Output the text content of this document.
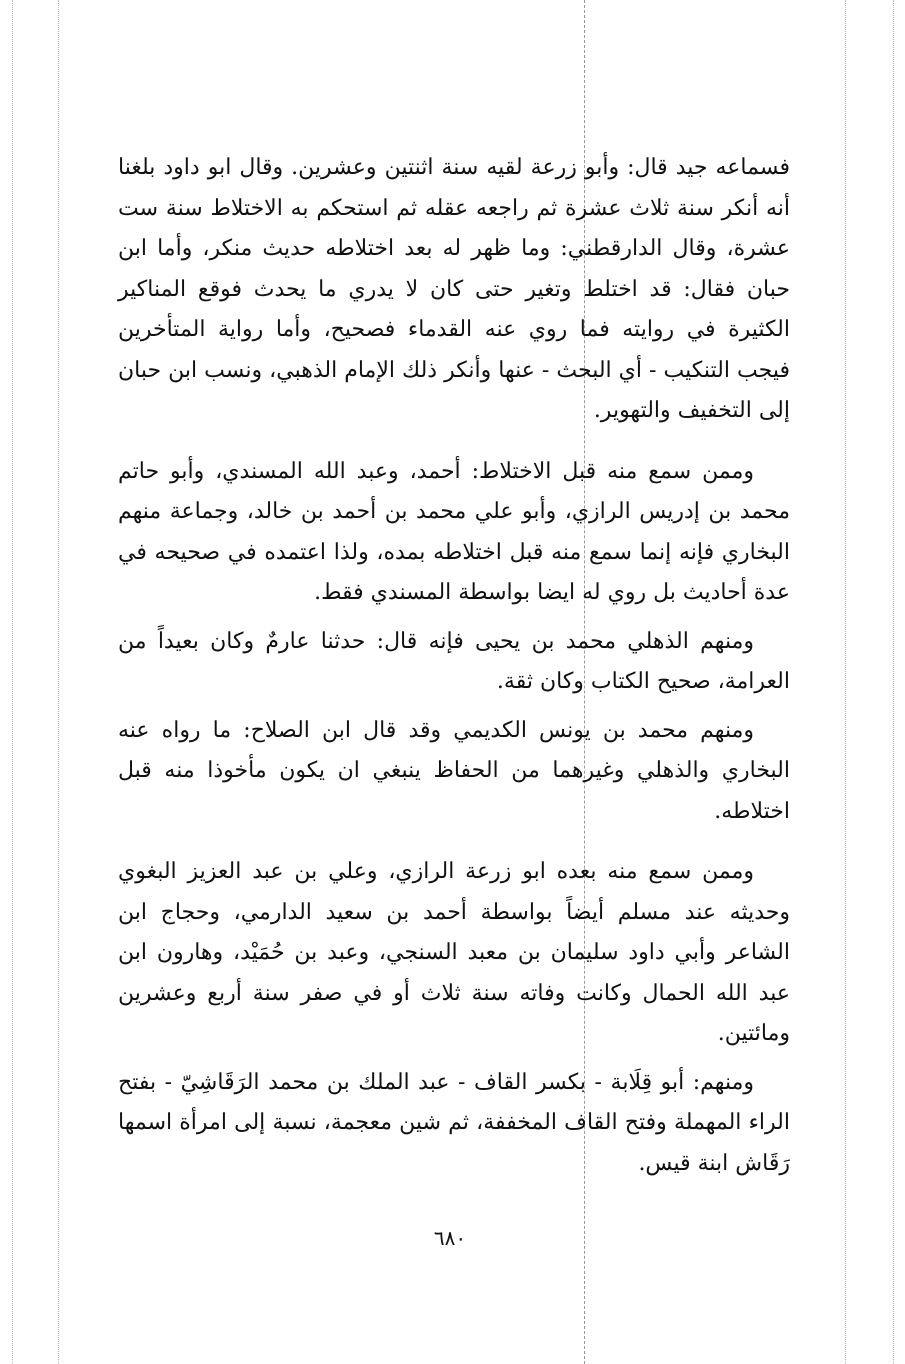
فسماعه جيد قال: وأبو زرعة لقيه سنة اثنتين وعشرين. وقال ابو داود بلغنا أنه أنكر سنة ثلاث عشرة ثم راجعه عقله ثم استحكم به الاختلاط سنة ست عشرة، وقال الدارقطني: وما ظهر له بعد اختلاطه حديث منكر، وأما ابن حبان فقال: قد اختلط وتغير حتى كان لا يدري ما يحدث فوقع المناكير الكثيرة في روايته فما روي عنه القدماء فصحيح، وأما رواية المتأخرين فيجب التنكيب - أي البحث - عنها وأنكر ذلك الإمام الذهبي، ونسب ابن حبان إلى التخفيف والتهوير.

وممن سمع منه قبل الاختلاط: أحمد، وعبد الله المسندي، وأبو حاتم محمد بن إدريس الرازي، وأبو علي محمد بن أحمد بن خالد، وجماعة منهم البخاري فإنه إنما سمع منه قبل اختلاطه بمده، ولذا اعتمده في صحيحه في عدة أحاديث بل روي له ايضا بواسطة المسندي فقط.

ومنهم الذهلي محمد بن يحيى فإنه قال: حدثنا عارمٌ وكان بعيداً من العرامة، صحيح الكتاب وكان ثقة.

ومنهم محمد بن يونس الكديمي وقد قال ابن الصلاح: ما رواه عنه البخاري والذهلي وغيرهما من الحفاظ ينبغي ان يكون مأخوذا منه قبل اختلاطه.

وممن سمع منه بعده ابو زرعة الرازي، وعلي بن عبد العزيز البغوي وحديثه عند مسلم أيضاً بواسطة أحمد بن سعيد الدارمي، وحجاج ابن الشاعر وأبي داود سليمان بن معبد السنجي، وعبد بن حُمَيْد، وهارون ابن عبد الله الحمال وكانت وفاته سنة ثلاث أو في صفر سنة أربع وعشرين ومائتين.

ومنهم: أبو قِلَابة - بكسر القاف - عبد الملك بن محمد الرَقَاشِيّ - بفتح الراء المهملة وفتح القاف المخففة، ثم شين معجمة، نسبة إلى امرأة اسمها رَقَاش ابنة قيس.

٦٨٠
